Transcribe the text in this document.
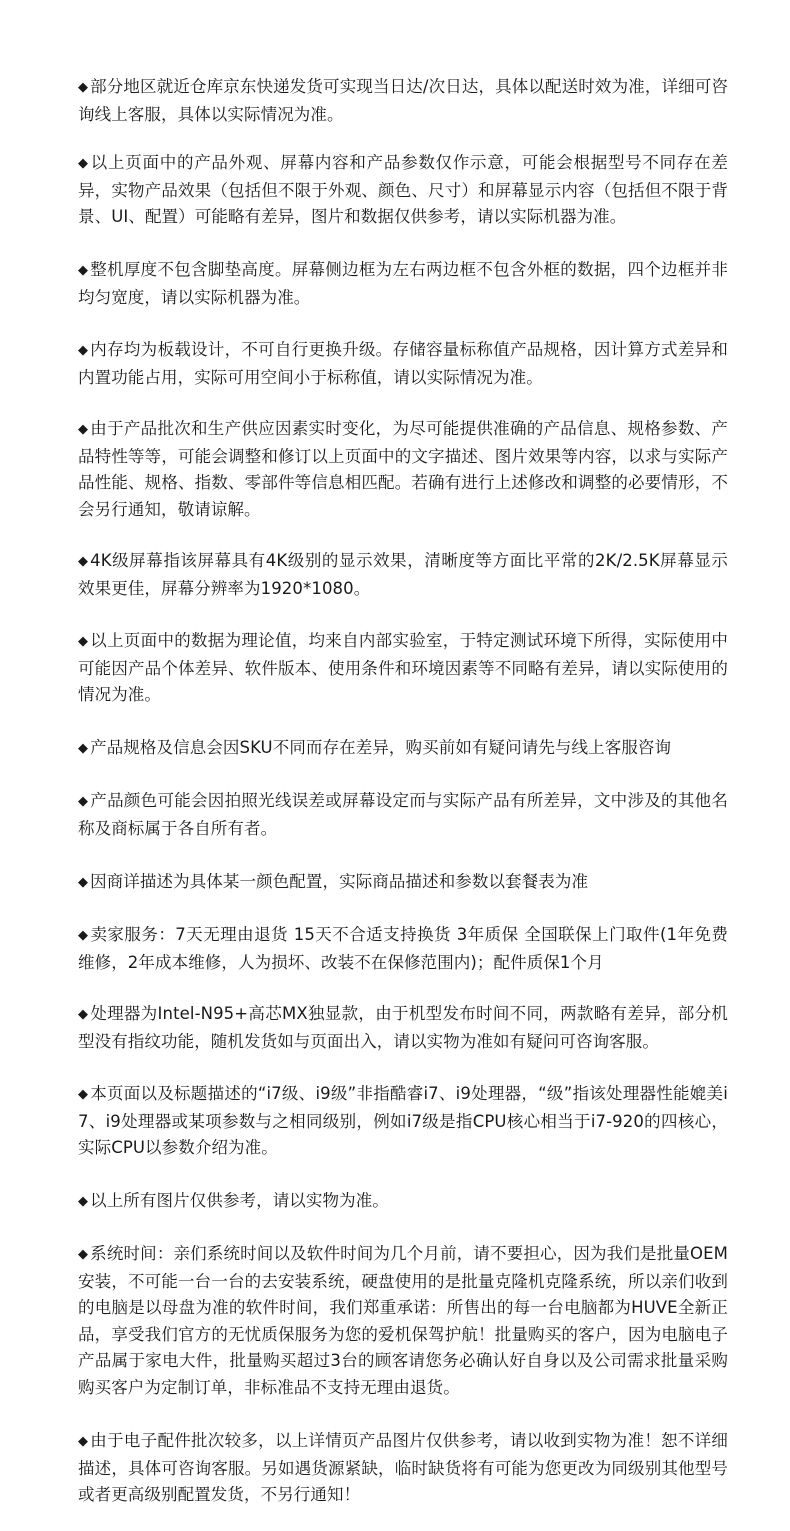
◆ 部分地区就近仓库京东快递发货可实现当日达/次日达，具体以配送时效为准，详细可咨询线上客服，具体以实际情况为准。

◆ 以上页面中的产品外观、屏幕内容和产品参数仅作示意，可能会根据型号不同存在差异，实物产品效果（包括但不限于外观、颜色、尺寸）和屏幕显示内容（包括但不限于背景、UI、配置）可能略有差异，图片和数据仅供参考，请以实际机器为准。

◆ 整机厚度不包含脚垫高度。屏幕侧边框为左右两边框不包含外框的数据，四个边框并非均匀宽度，请以实际机器为准。

◆ 内存均为板载设计，不可自行更换升级。存储容量标称值产品规格，因计算方式差异和内置功能占用，实际可用空间小于标称值，请以实际情况为准。

◆ 由于产品批次和生产供应因素实时变化，为尽可能提供准确的产品信息、规格参数、产品特性等等，可能会调整和修订以上页面中的文字描述、图片效果等内容，以求与实际产品性能、规格、指数、零部件等信息相匹配。若确有进行上述修改和调整的必要情形，不会另行通知，敬请谅解。

◆ 4K级屏幕指该屏幕具有4K级别的显示效果，清晰度等方面比平常的2K/2.5K屏幕显示效果更佳，屏幕分辨率为1920*1080。

◆ 以上页面中的数据为理论值，均来自内部实验室，于特定测试环境下所得，实际使用中可能因产品个体差异、软件版本、使用条件和环境因素等不同略有差异，请以实际使用的情况为准。

◆ 产品规格及信息会因SKU不同而存在差异，购买前如有疑问请先与线上客服咨询

◆ 产品颜色可能会因拍照光线误差或屏幕设定而与实际产品有所差异，文中涉及的其他名称及商标属于各自所有者。

◆ 因商详描述为具体某一颜色配置，实际商品描述和参数以套餐表为准

◆ 卖家服务：7天无理由退货 15天不合适支持换货 3年质保 全国联保上门取件(1年免费维修，2年成本维修，人为损坏、改装不在保修范围内)；配件质保1个月

◆ 处理器为Intel-N95+高芯MX独显款，由于机型发布时间不同，两款略有差异，部分机型没有指纹功能，随机发货如与页面出入，请以实物为准如有疑问可咨询客服。

◆ 本页面以及标题描述的“i7级、i9级”非指酷睿i7、i9处理器，“级”指该处理器性能媲美i7、i9处理器或某项参数与之相同级别，例如i7级是指CPU核心相当于i7-920的四核心，实际CPU以参数介绍为准。

◆ 以上所有图片仅供参考，请以实物为准。

◆ 系统时间：亲们系统时间以及软件时间为几个月前，请不要担心，因为我们是批量OEM安装，不可能一台一台的去安装系统，硬盘使用的是批量克隆机克隆系统，所以亲们收到的电脑是以母盘为准的软件时间，我们郑重承诺：所售出的每一台电脑都为HUVE全新正品，享受我们官方的无忧质保服务为您的爱机保驾护航！批量购买的客户，因为电脑电子产品属于家电大件，批量购买超过3台的顾客请您务必确认好自身以及公司需求批量采购购买客户为定制订单，非标准品不支持无理由退货。

◆ 由于电子配件批次较多，以上详情页产品图片仅供参考，请以收到实物为准！恕不详细描述，具体可咨询客服。另如遇货源紧缺，临时缺货将有可能为您更改为同级别其他型号或者更高级别配置发货，不另行通知！
